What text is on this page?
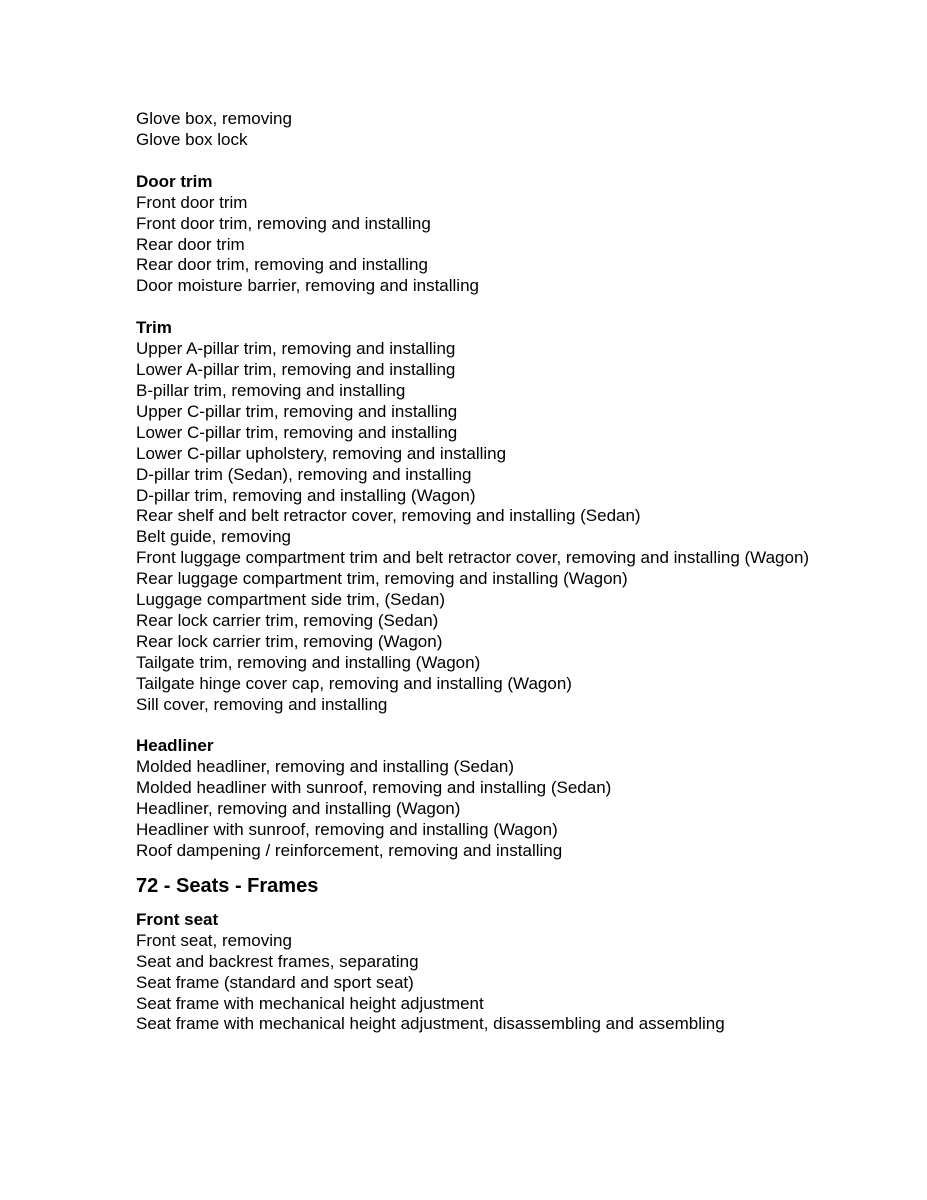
Glove box, removing
Glove box lock
Door trim
Front door trim
Front door trim, removing and installing
Rear door trim
Rear door trim, removing and installing
Door moisture barrier, removing and installing
Trim
Upper A-pillar trim, removing and installing
Lower A-pillar trim, removing and installing
B-pillar trim, removing and installing
Upper C-pillar trim, removing and installing
Lower C-pillar trim, removing and installing
Lower C-pillar upholstery, removing and installing
D-pillar trim (Sedan), removing and installing
D-pillar trim, removing and installing (Wagon)
Rear shelf and belt retractor cover, removing and installing (Sedan)
Belt guide, removing
Front luggage compartment trim and belt retractor cover, removing and installing (Wagon)
Rear luggage compartment trim, removing and installing (Wagon)
Luggage compartment side trim, (Sedan)
Rear lock carrier trim, removing (Sedan)
Rear lock carrier trim, removing (Wagon)
Tailgate trim, removing and installing (Wagon)
Tailgate hinge cover cap, removing and installing (Wagon)
Sill cover, removing and installing
Headliner
Molded headliner, removing and installing (Sedan)
Molded headliner with sunroof, removing and installing (Sedan)
Headliner, removing and installing (Wagon)
Headliner with sunroof, removing and installing (Wagon)
Roof dampening / reinforcement, removing and installing
72 - Seats - Frames
Front seat
Front seat, removing
Seat and backrest frames, separating
Seat frame (standard and sport seat)
Seat frame with mechanical height adjustment
Seat frame with mechanical height adjustment, disassembling and assembling
